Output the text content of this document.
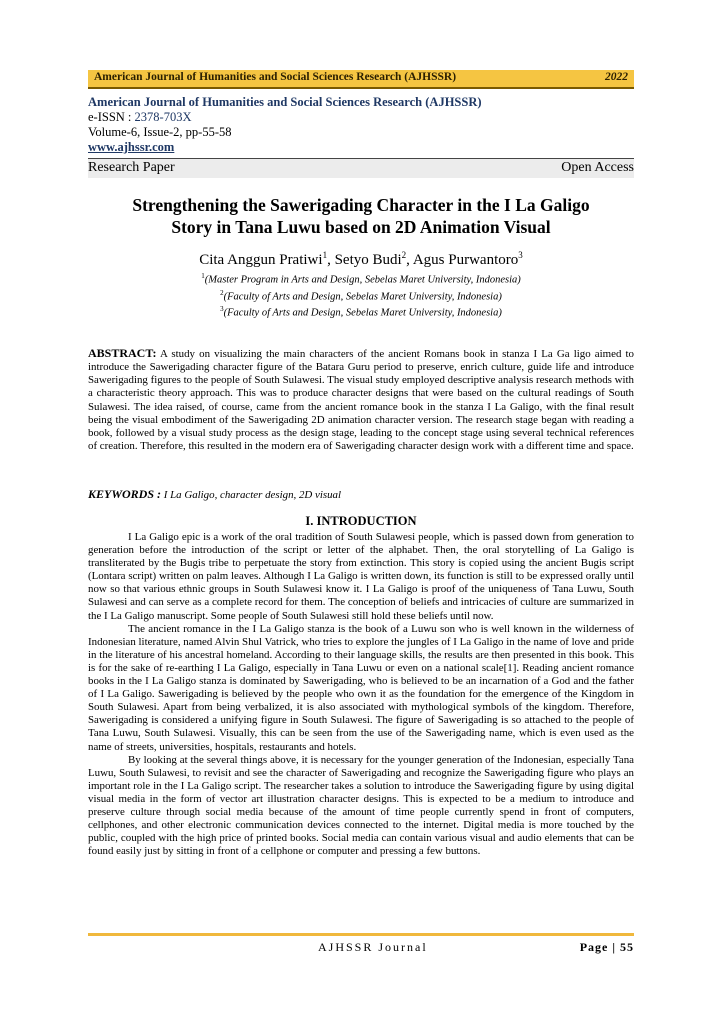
American Journal of Humanities and Social Sciences Research (AJHSSR)	2022
American Journal of Humanities and Social Sciences Research (AJHSSR)
e-ISSN : 2378-703X
Volume-6, Issue-2, pp-55-58
www.ajhssr.com
Research Paper	Open Access
Strengthening the Sawerigading Character in the I La Galigo
Story in Tana Luwu based on 2D Animation Visual
Cita Anggun Pratiwi$^1$, Setyo Budi$^2$, Agus Purwantoro$^3$
$^1$(Master Program in Arts and Design, Sebelas Maret University, Indonesia)
$^2$(Faculty of Arts and Design, Sebelas Maret University, Indonesia)
$^3$(Faculty of Arts and Design, Sebelas Maret University, Indonesia)
ABSTRACT: A study on visualizing the main characters of the ancient Romans book in stanza I La Ga ligo aimed to introduce the Sawerigading character figure of the Batara Guru period to preserve, enrich culture, guide life and introduce Sawerigading figures to the people of South Sulawesi. The visual study employed descriptive analysis research methods with a characteristic theory approach. This was to produce character designs that were based on the cultural readings of South Sulawesi. The idea raised, of course, came from the ancient romance book in the stanza I La Galigo, with the final result being the visual embodiment of the Sawerigading 2D animation character version. The research stage began with reading a book, followed by a visual study process as the design stage, leading to the concept stage using several technical references of creation. Therefore, this resulted in the modern era of Sawerigading character design work with a different time and space.
KEYWORDS : I La Galigo, character design, 2D visual
I. INTRODUCTION

I La Galigo epic is a work of the oral tradition of South Sulawesi people, which is passed down from generation to generation before the introduction of the script or letter of the alphabet. Then, the oral storytelling of La Galigo is transliterated by the Bugis tribe to perpetuate the story from extinction. This story is copied using the ancient Bugis script (Lontara script) written on palm leaves. Although I La Galigo is written down, its function is still to be expressed orally until now so that various ethnic groups in South Sulawesi know it. I La Galigo is proof of the uniqueness of Tana Luwu, South Sulawesi and can serve as a complete record for them. The conception of beliefs and intricacies of culture are summarized in the I La Galigo manuscript. Some people of South Sulawesi still hold these beliefs until now.

The ancient romance in the I La Galigo stanza is the book of a Luwu son who is well known in the wilderness of Indonesian literature, named Alvin Shul Vatrick, who tries to explore the jungles of I La Galigo in the name of love and pride in the literature of his ancestral homeland. According to their language skills, the results are then presented in this book. This is for the sake of re-earthing I La Galigo, especially in Tana Luwu or even on a national scale[1]. Reading ancient romance books in the I La Galigo stanza is dominated by Sawerigading, who is believed to be an incarnation of a God and the father of I La Galigo. Sawerigading is believed by the people who own it as the foundation for the emergence of the Kingdom in South Sulawesi. Apart from being verbalized, it is also associated with mythological symbols of the kingdom. Therefore, Sawerigading is considered a unifying figure in South Sulawesi. The figure of Sawerigading is so attached to the people of Tana Luwu, South Sulawesi. Visually, this can be seen from the use of the Sawerigading name, which is even used as the name of streets, universities, hospitals, restaurants and hotels.

By looking at the several things above, it is necessary for the younger generation of the Indonesian, especially Tana Luwu, South Sulawesi, to revisit and see the character of Sawerigading and recognize the Sawerigading figure who plays an important role in the I La Galigo script. The researcher takes a solution to introduce the Sawerigading figure by using digital visual media in the form of vector art illustration character designs. This is expected to be a medium to introduce and preserve culture through social media because of the amount of time people currently spend in front of computers, cellphones, and other electronic communication devices connected to the internet. Digital media is more touched by the public, coupled with the high price of printed books. Social media can contain various visual and audio elements that can be found easily just by sitting in front of a cellphone or computer and pressing a few buttons.

AJHSSR Journal	Page | 55
